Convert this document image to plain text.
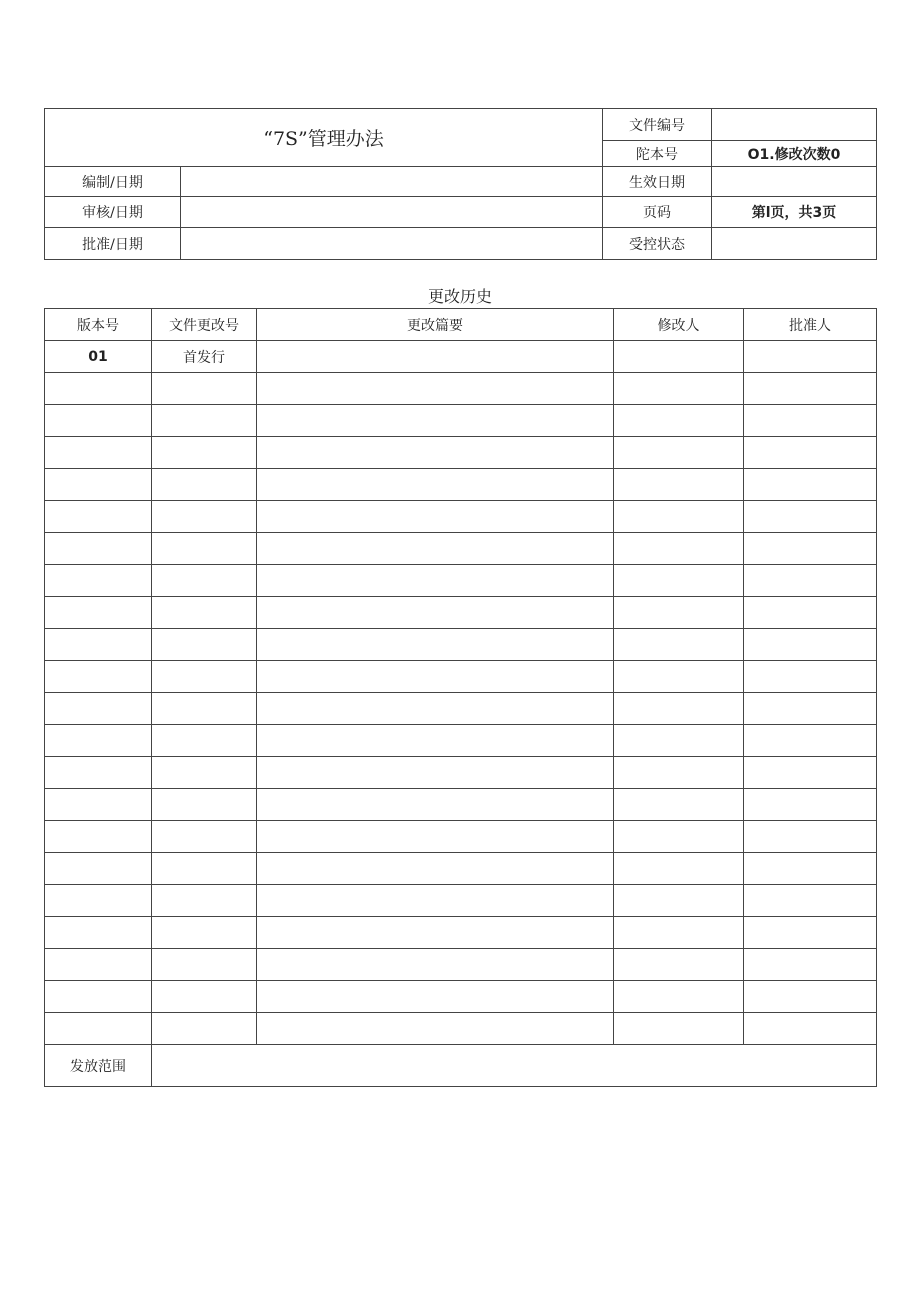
“7S”管理办法		文件编号	
		陀本号	O1.修改次数0
编制/日期		生效日期	
审核/日期		页码	第l页，共3页
批准/日期		受控状态	
更改历史
版本号	文件更改号	更改篇要	修改人	批准人
01	首发行			

发放范围				
